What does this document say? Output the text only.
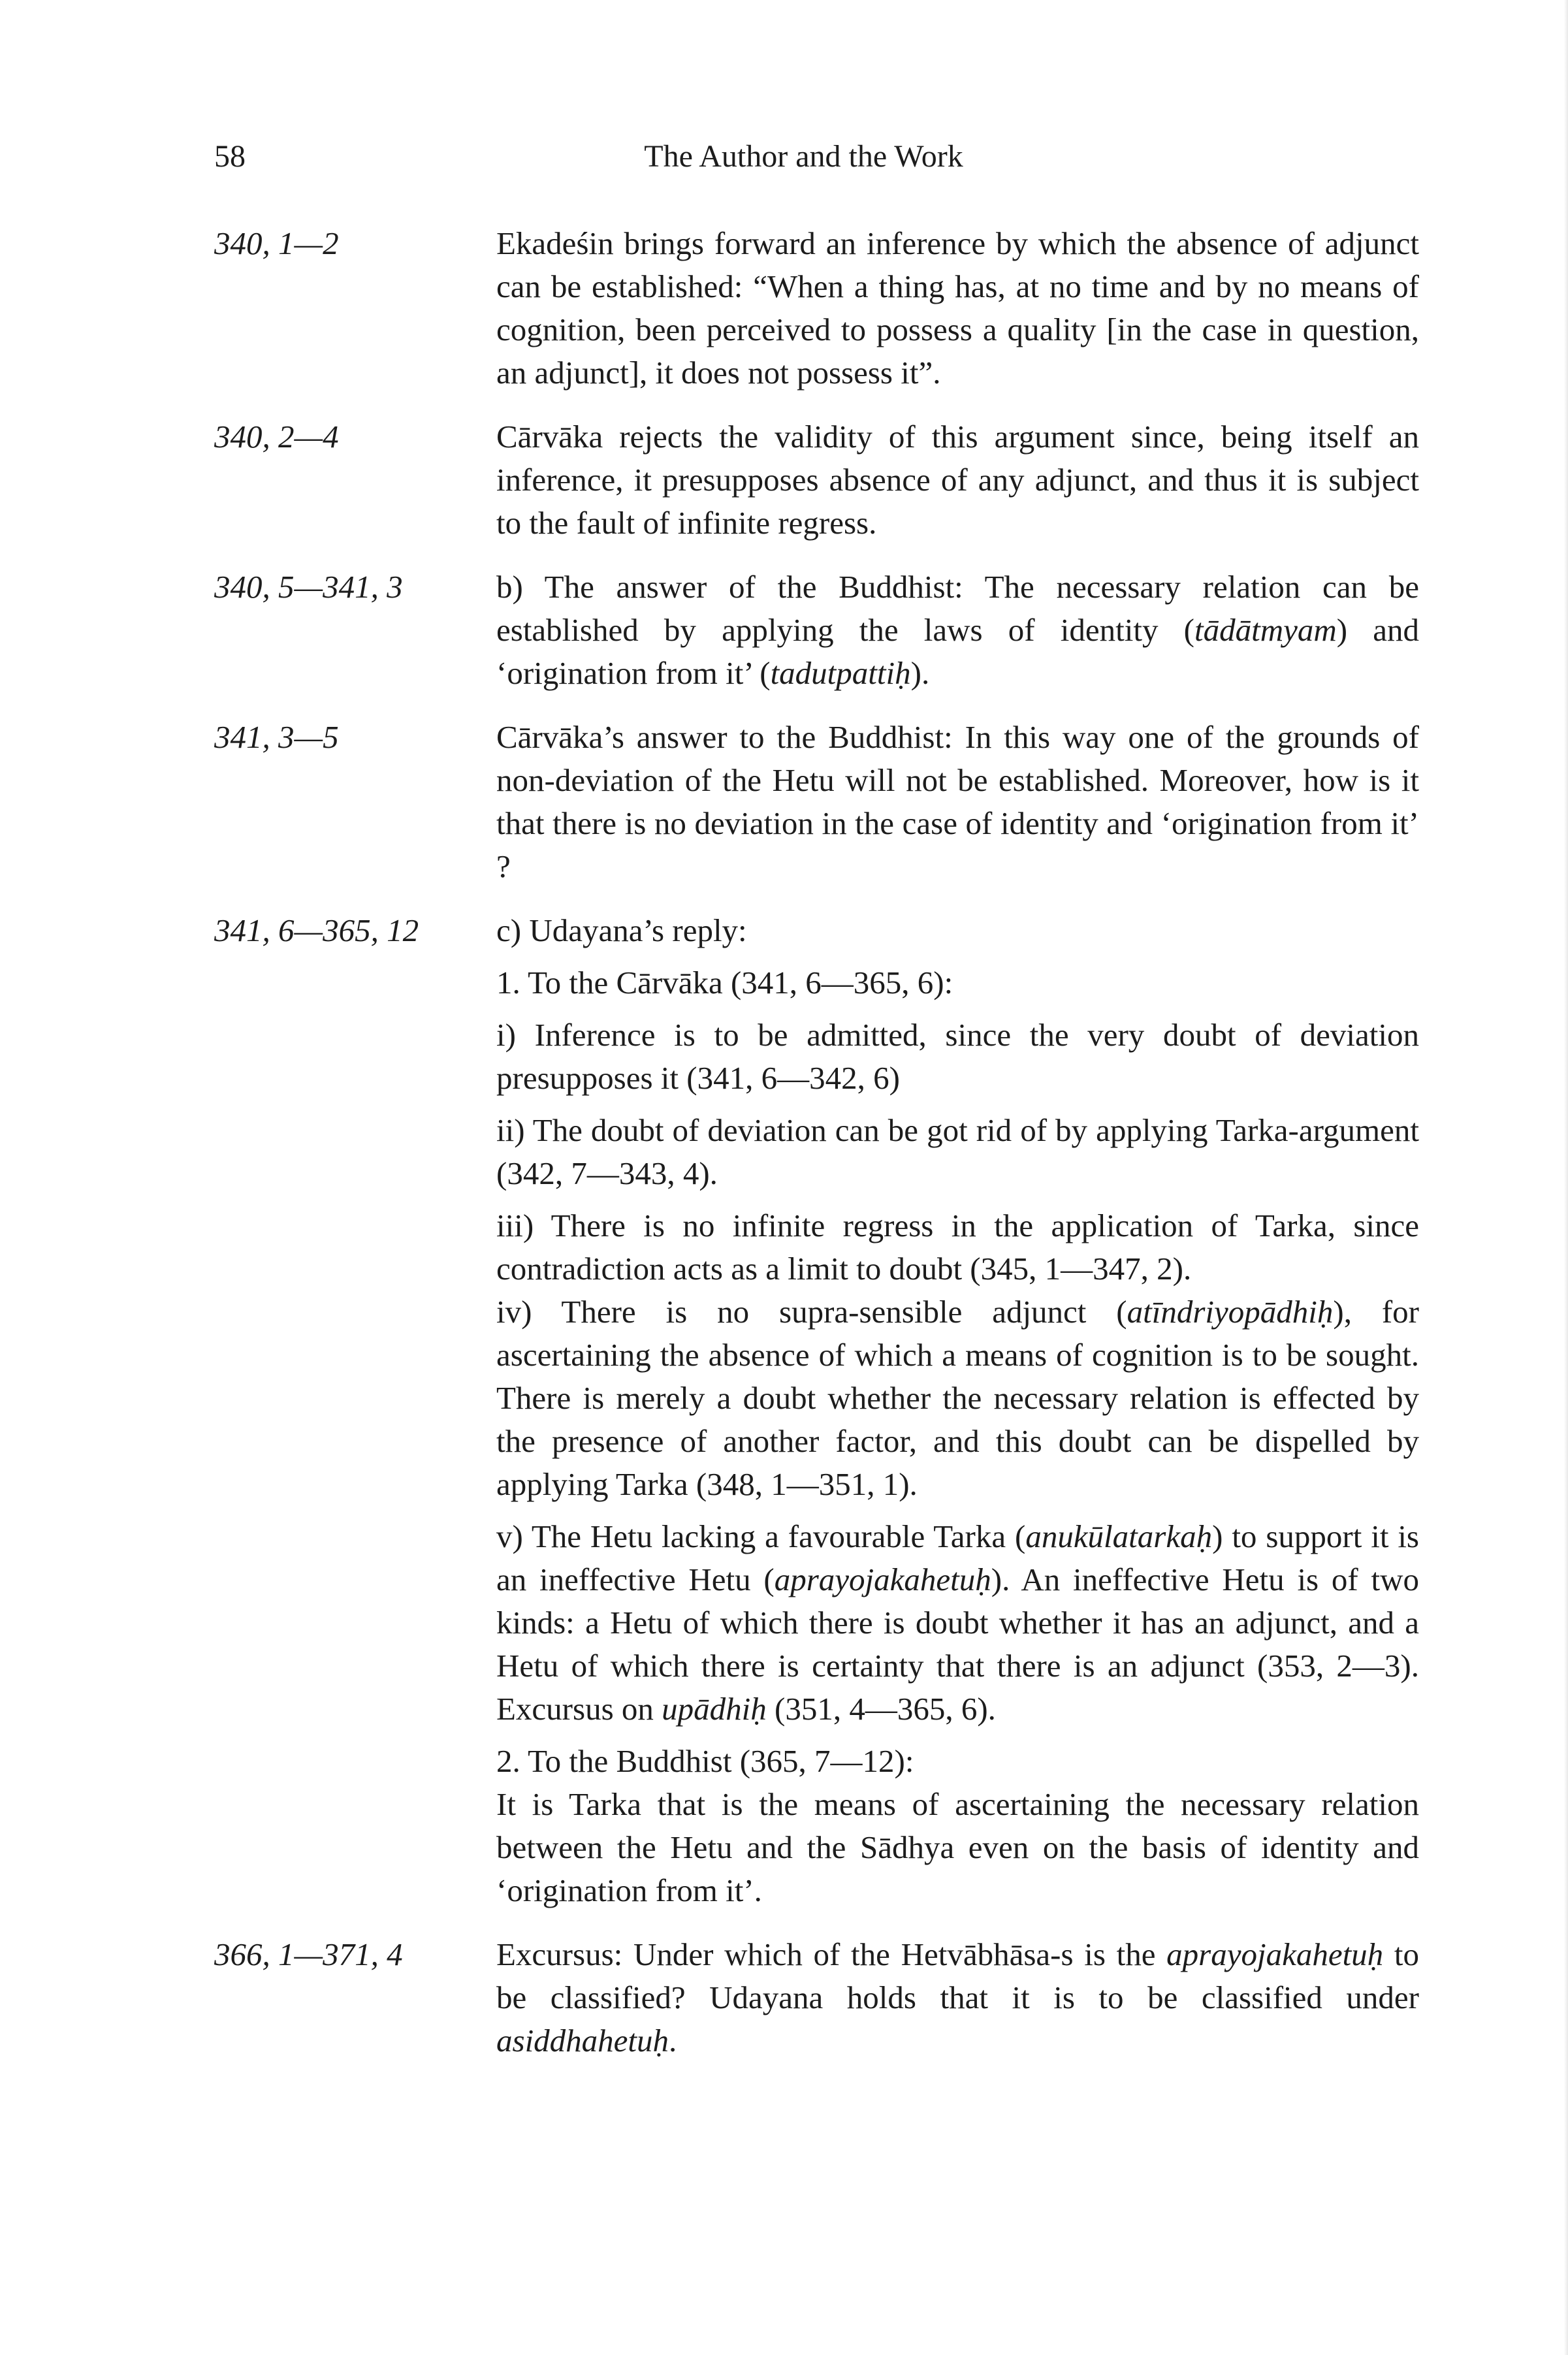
58	The Author and the Work
340, 1—2	Ekadeśin brings forward an inference by which the absence of adjunct can be established: “When a thing has, at no time and by no means of cognition, been perceived to possess a quality [in the case in question, an adjunct], it does not possess it”.

340, 2—4	Cārvāka rejects the validity of this argument since, being itself an inference, it presupposes absence of any adjunct, and thus it is subject to the fault of infinite regress.

340, 5—341, 3	b) The answer of the Buddhist: The necessary relation can be established by applying the laws of identity (tādātmyam) and ‘origination from it’ (tadutpattiḥ).

341, 3—5	Cārvāka’s answer to the Buddhist: In this way one of the grounds of non-deviation of the Hetu will not be established. Moreover, how is it that there is no deviation in the case of identity and ‘origination from it’ ?

341, 6—365, 12	c) Udayana’s reply:

1. To the Cārvāka (341, 6—365, 6):

i) Inference is to be admitted, since the very doubt of deviation presupposes it (341, 6—342, 6)

ii) The doubt of deviation can be got rid of by applying Tarka-argument (342, 7—343, 4).

iii) There is no infinite regress in the application of Tarka, since contradiction acts as a limit to doubt (345, 1—347, 2).

iv) There is no supra-sensible adjunct (atīndriyopādhiḥ), for ascertaining the absence of which a means of cognition is to be sought. There is merely a doubt whether the necessary relation is effected by the presence of another factor, and this doubt can be dispelled by applying Tarka (348, 1—351, 1).

v) The Hetu lacking a favourable Tarka (anukūlatarkaḥ) to support it is an ineffective Hetu (aprayojakahetuḥ). An ineffective Hetu is of two kinds: a Hetu of which there is doubt whether it has an adjunct, and a Hetu of which there is certainty that there is an adjunct (353, 2—3). Excursus on upādhiḥ (351, 4—365, 6).

2. To the Buddhist (365, 7—12):

It is Tarka that is the means of ascertaining the necessary relation between the Hetu and the Sādhya even on the basis of identity and ‘origination from it’.

366, 1—371, 4	Excursus: Under which of the Hetvābhāsa-s is the aprayojakahetuḥ to be classified? Udayana holds that it is to be classified under asiddhahetuḥ.
